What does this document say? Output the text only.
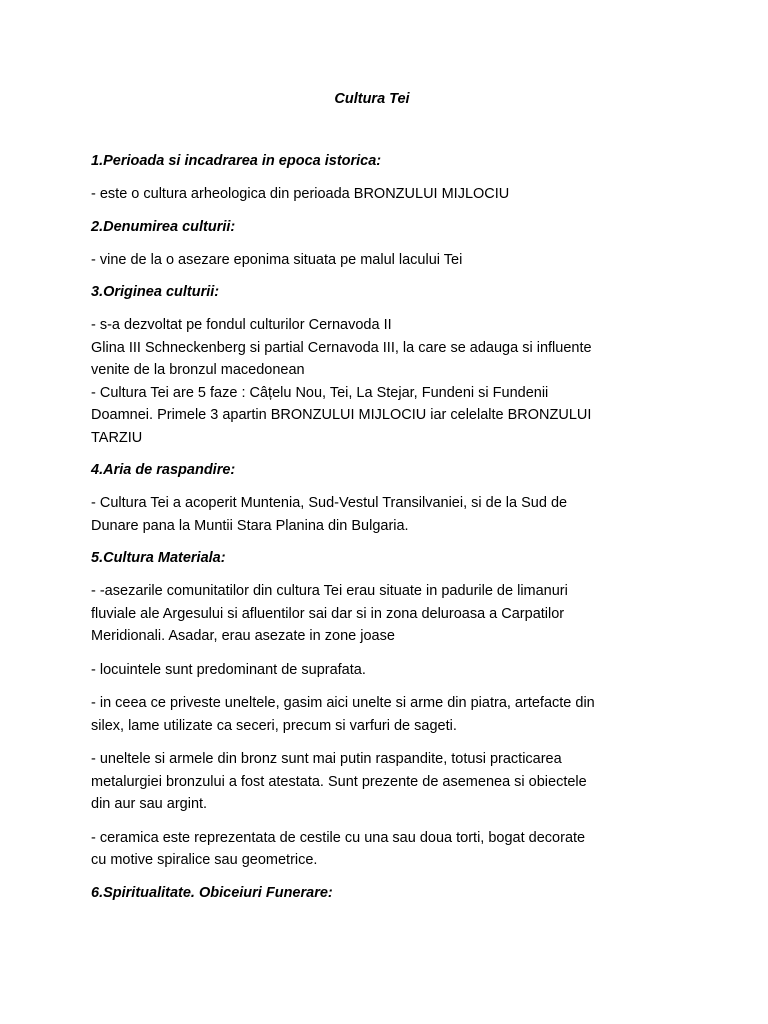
Cultura Tei
1.Perioada si incadrarea in epoca istorica:
- este o cultura arheologica din perioada BRONZULUI MIJLOCIU
2.Denumirea culturii:
- vine de la o asezare eponima situata pe malul lacului Tei
3.Originea culturii:
- s-a dezvoltat pe fondul culturilor Cernavoda II
Glina III Schneckenberg si partial Cernavoda III, la care se adauga si influente
venite de la bronzul macedonean
- Cultura Tei are 5 faze : Câțelu Nou, Tei, La Stejar, Fundeni si Fundenii
Doamnei. Primele 3 apartin BRONZULUI MIJLOCIU iar celelalte BRONZULUI
TARZIU
4.Aria de raspandire:
- Cultura Tei a acoperit Muntenia, Sud-Vestul Transilvaniei, si de la Sud de
Dunare pana la Muntii Stara Planina din Bulgaria.
5.Cultura Materiala:
- -asezarile comunitatilor din cultura Tei erau situate in padurile de limanuri
fluviale ale Argesului si afluentilor sai dar si in zona deluroasa a Carpatilor
Meridionali. Asadar, erau asezate in zone joase
- locuintele sunt predominant de suprafata.
- in ceea ce priveste uneltele, gasim aici unelte si arme din piatra, artefacte din
silex, lame utilizate ca seceri, precum si varfuri de sageti.
- uneltele si armele din bronz sunt mai putin raspandite, totusi practicarea
metalurgiei bronzului a fost atestata. Sunt prezente de asemenea si obiectele
din aur sau argint.
- ceramica este reprezentata de cestile cu una sau doua torti, bogat decorate
cu motive spiralice sau geometrice.
6.Spiritualitate. Obiceiuri Funerare:
